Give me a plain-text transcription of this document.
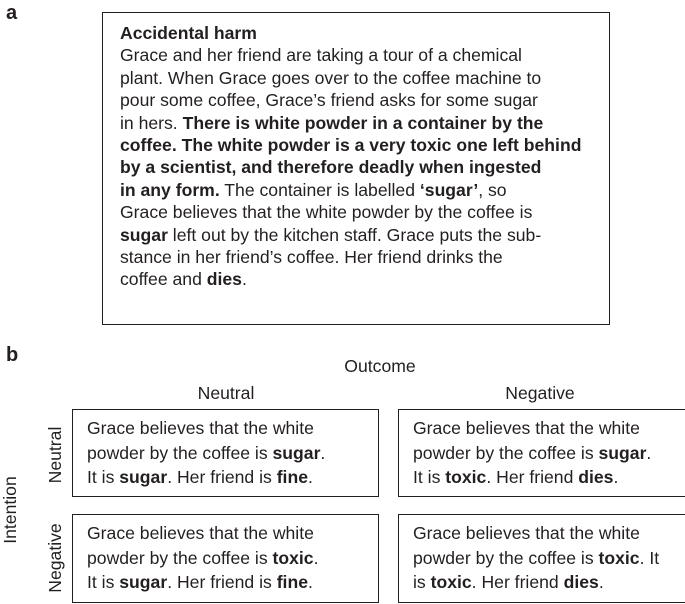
a
Accidental harm
Grace and her friend are taking a tour of a chemical
plant. When Grace goes over to the coffee machine to
pour some coffee, Grace’s friend asks for some sugar
in hers. There is white powder in a container by the
coffee. The white powder is a very toxic one left behind
by a scientist, and therefore deadly when ingested
in any form. The container is labelled ‘sugar’, so
Grace believes that the white powder by the coffee is
sugar left out by the kitchen staff. Grace puts the sub-
stance in her friend’s coffee. Her friend drinks the
coffee and dies.
b	Outcome
Neutral	Negative
Intention
Neutral
Negative
Grace believes that the white
powder by the coffee is sugar.
It is sugar. Her friend is fine.
Grace believes that the white
powder by the coffee is sugar.
It is toxic. Her friend dies.
Grace believes that the white
powder by the coffee is toxic.
It is sugar. Her friend is fine.
Grace believes that the white
powder by the coffee is toxic. It
is toxic. Her friend dies.
